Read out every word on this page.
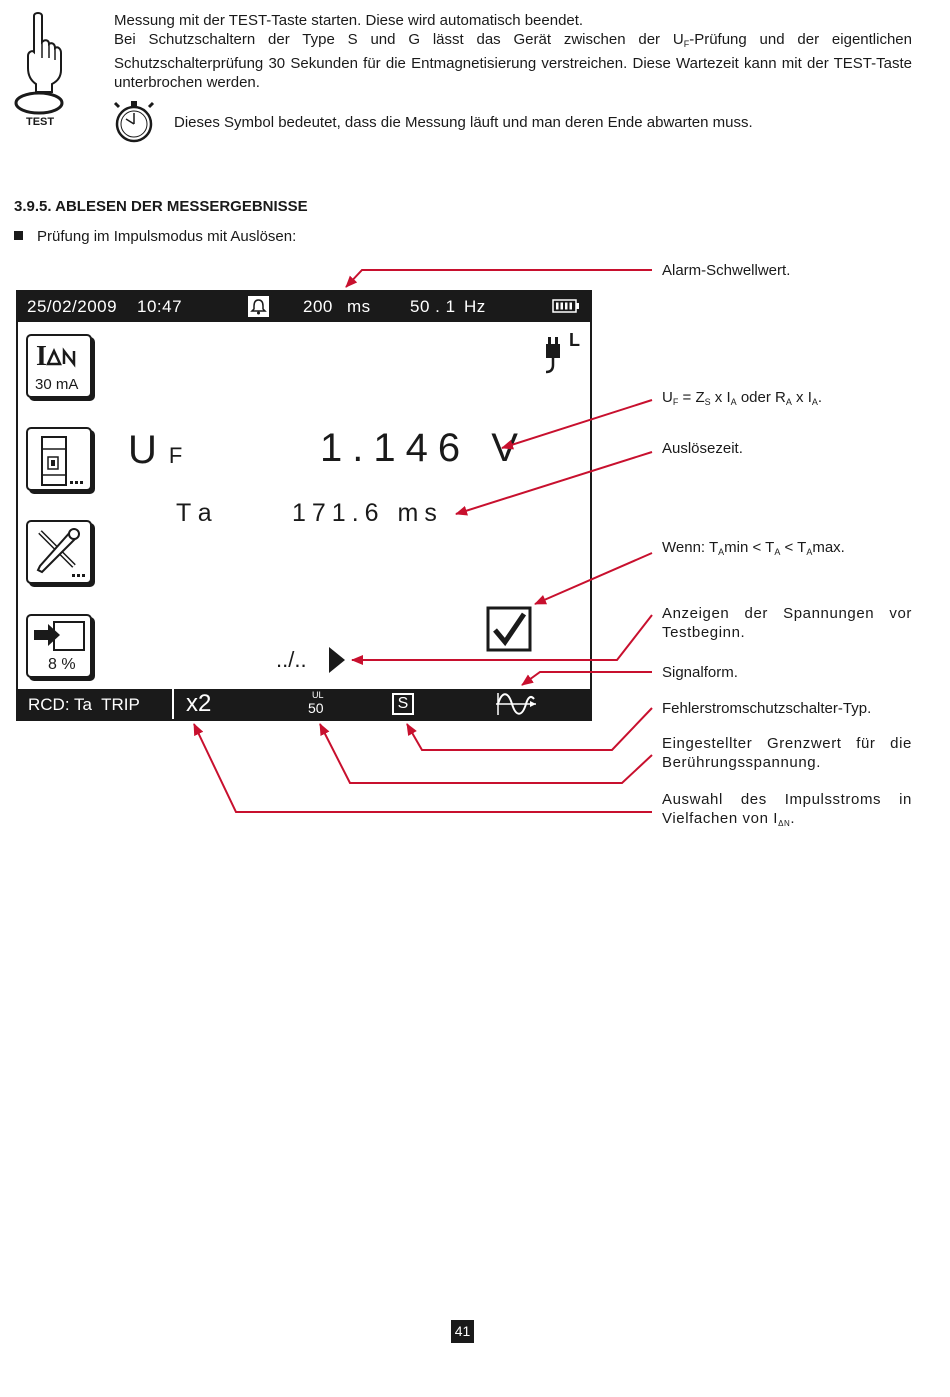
TEST

Messung mit der TEST-Taste starten. Diese wird automatisch beendet.

Bei Schutzschaltern der Type S und G lässt das Gerät zwischen der $U_F$-Prüfung und der eigentlichen Schutzschalterprüfung 30 Sekunden für die Entmagnetisierung verstreichen. Diese Wartezeit kann mit der TEST-Taste unterbrochen werden.

Dieses Symbol bedeutet, dass die Messung läuft und man deren Ende abwarten muss.
3.9.5. ABLESEN DER MESSERGEBNISSE
Prüfung im Impulsmodus mit Auslösen:
25/02/2009 10:47	200 ms 50 . 1 Hz
L
I
30 mA
8 %
U F	1.146 V
T a	171.6 ms
../..
RCD: Ta  TRIP x2	UL
50	S
Alarm-Schwellwert.
$U_F = Z_S$ x $I_A$ oder $R_A$ x $I_A$.
Auslösezeit.
Wenn: $T_A\min < T_A < T_A\max$.
Anzeigen der Spannungen vor Testbeginn.
Signalform.
Fehlerstromschutzschalter-Typ.
Eingestellter Grenzwert für die Berührungsspannung.
Auswahl des Impulsstroms in Vielfachen von $I_{\Delta N}$.
41
